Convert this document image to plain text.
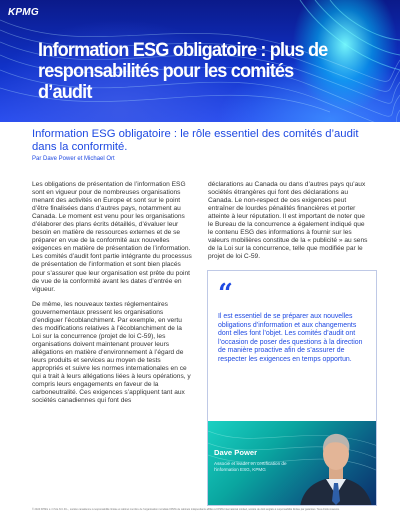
KPMG
Information ESG obligatoire : plus de
responsabilités pour les comités d’audit
Information ESG obligatoire : le rôle essentiel des comités d’audit dans la conformité.
Par Dave Power et Michael Ort

Les obligations de présentation de l’information ESG sont en vigueur pour de nombreuses organisations menant des activités en Europe et sont sur le point d’être finalisées dans d’autres pays, notamment au Canada. Le moment est venu pour les organisations d’élaborer des plans écrits détaillés, d’évaluer leur besoin en matière de ressources externes et de se préparer en vue de la conformité aux nouvelles exigences en matière de présentation de l’information. Les comités d’audit font partie intégrante du processus de présentation de l’information et sont bien placés pour s’assurer que leur organisation est prête du point de vue de la conformité avant les dates d’entrée en vigueur.

De même, les nouveaux textes réglementaires gouvernementaux pressent les organisations d’endiguer l’écoblanchiment. Par exemple, en vertu des modifications relatives à l’écoblanchiment de la Loi sur la concurrence (projet de loi C-59), les organisations doivent maintenant prouver leurs allégations en matière d’environnement à l’égard de leurs produits et services au moyen de tests appropriés et suivre les normes internationales en ce qui a trait à leurs allégations liées à leurs opérations, y compris leurs engagements en faveur de la carboneutralité. Ces exigences s’appliquent tant aux sociétés canadiennes qui font des

déclarations au Canada ou dans d’autres pays qu’aux sociétés étrangères qui font des déclarations au Canada. Le non-respect de ces exigences peut entraîner de lourdes pénalités financières et porter atteinte à leur réputation. Il est important de noter que le Bureau de la concurrence a également indiqué que le contenu ESG des informations à fournir sur les valeurs mobilières constitue de la « publicité » au sens de la Loi sur la concurrence, telle que modifiée par le projet de loi C-59.

“
Il est essentiel de se préparer aux nouvelles obligations d’information et aux changements dont elles font l’objet. Les comités d’audit ont l’occasion de poser des questions à la direction de manière proactive afin de s’assurer de respecter les exigences en temps opportun.
Dave Power
Associé et leader en certification de l’information ESG, KPMG
© 2024 KPMG s.r.l./S.E.N.C.R.L., société canadienne à responsabilité limitée et cabinet membre de l’organisation mondiale KPMG de cabinets indépendants affiliés à KPMG International Limited, société de droit anglais à responsabilité limitée par garanties. Tous droits réservés.
